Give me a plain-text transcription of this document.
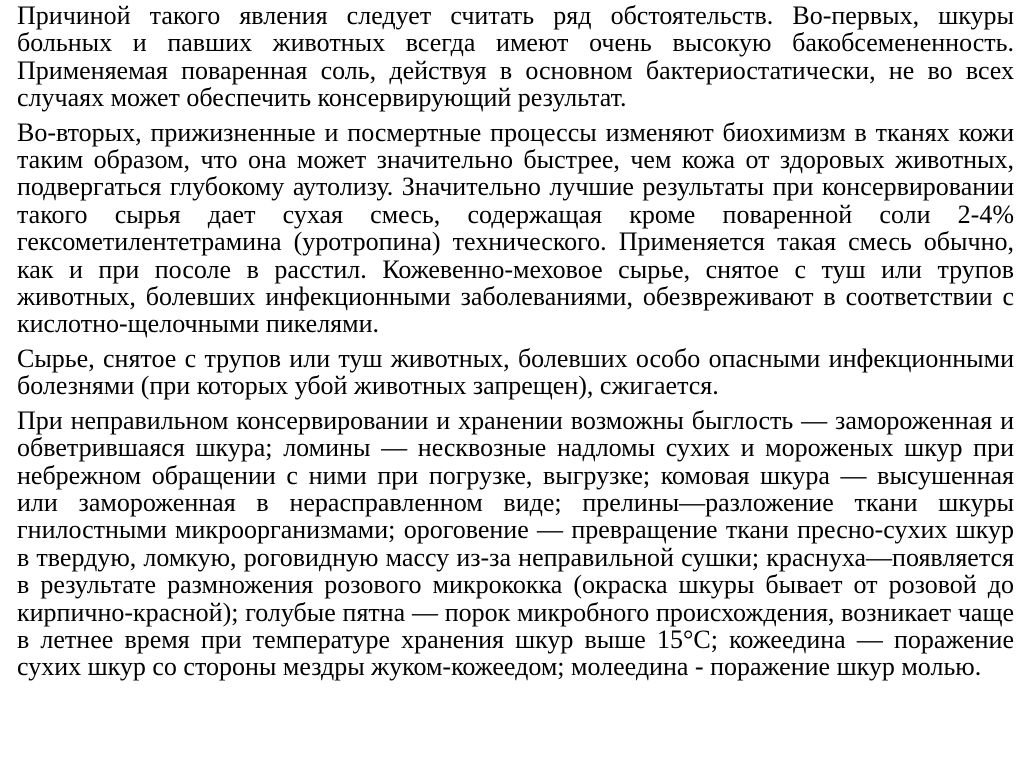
Причиной такого явления следует считать ряд обстоятельств. Во-первых, шкуры больных и павших животных всегда имеют очень высокую бакобсемененность. Применяемая поваренная соль, действуя в основном бактериостатически, не во всех случаях может обеспечить консервирующий результат.

Во-вторых, прижизненные и посмертные процессы изменяют биохимизм в тканях кожи таким образом, что она может значительно быстрее, чем кожа от здоровых животных, подвергаться глубокому аутолизу. Значительно лучшие результаты при консервировании такого сырья дает сухая смесь, содержащая кроме поваренной соли 2-4% гексометилентетрамина (уротропина) технического. Применяется такая смесь обычно, как и при посоле в расстил. Кожевенно-меховое сырье, снятое с туш или трупов животных, болевших инфекционными заболеваниями, обезвреживают в соответствии с кислотно-щелочными пикелями.

Сырье, снятое с трупов или туш животных, болевших особо опасными инфекционными болезнями (при которых убой животных запрещен), сжигается.

При неправильном консервировании и хранении возможны быглость — замороженная и обветрившаяся шкура; ломины — несквозные надломы сухих и мороженых шкур при небрежном обращении с ними при погрузке, выгрузке; комовая шкура — высушенная или замороженная в нерасправленном виде; прелины—разложение ткани шкуры гнилостными микроорганизмами; ороговение — превращение ткани пресно-сухих шкур в твердую, ломкую, роговидную массу из-за неправильной сушки; краснуха—появляется в результате размножения розового микрококка (окраска шкуры бывает от розовой до кирпично-красной); голубые пятна — порок микробного происхождения, возникает чаще в летнее время при температуре хранения шкур выше 15°C; кожеедина — поражение сухих шкур со стороны мездры жуком-кожеедом; молеедина - поражение шкур молью.
